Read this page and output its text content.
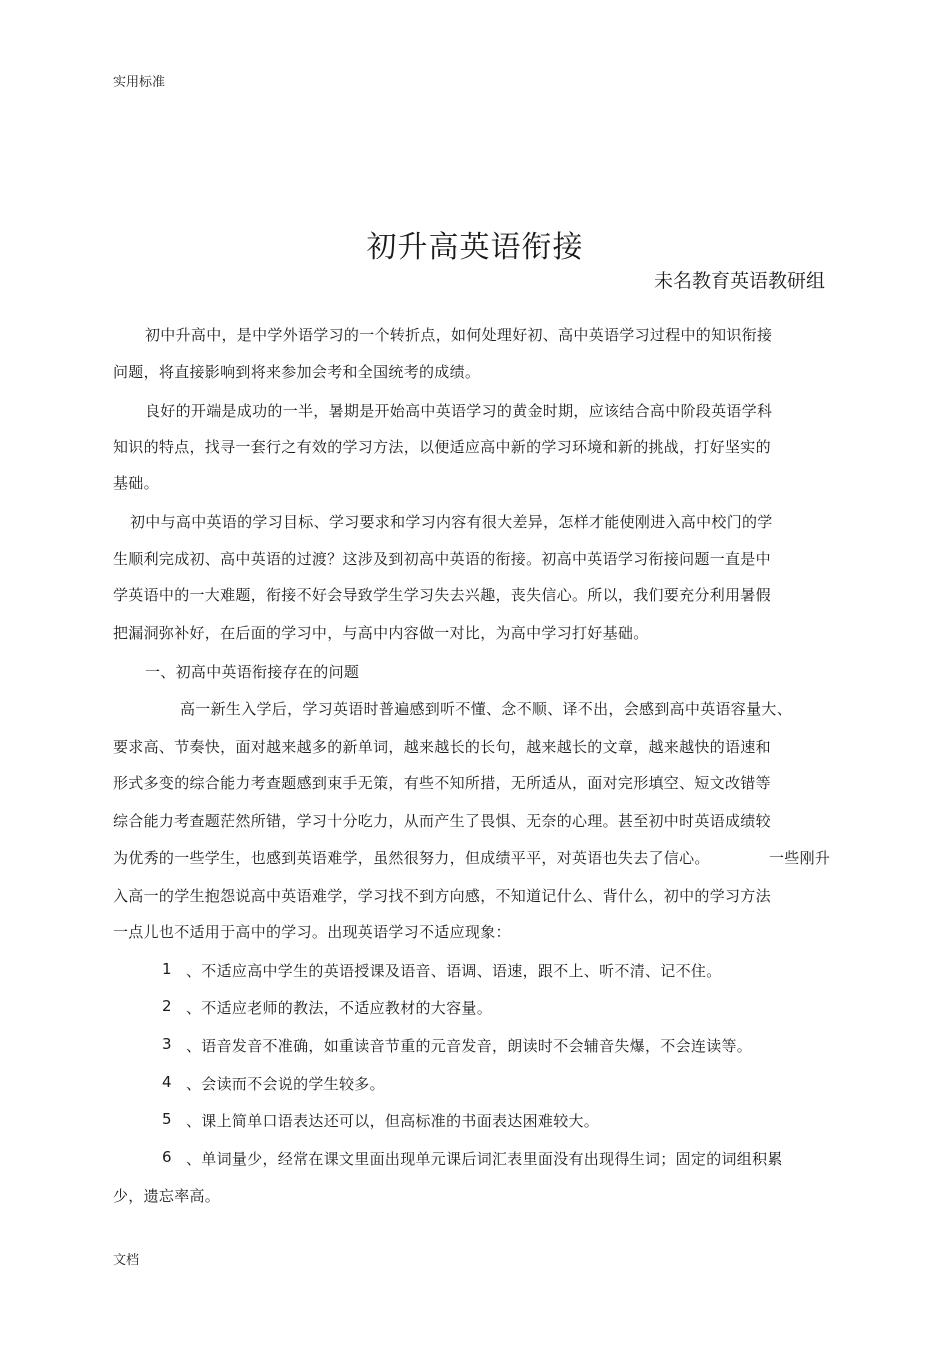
实用标准
文档
初升高英语衔接
未名教育英语教研组
初中升高中，是中学外语学习的一个转折点，如何处理好初、高中英语学习过程中的知识衔接
问题，将直接影响到将来参加会考和全国统考的成绩。
良好的开端是成功的一半，暑期是开始高中英语学习的黄金时期，应该结合高中阶段英语学科
知识的特点，找寻一套行之有效的学习方法，以便适应高中新的学习环境和新的挑战，打好坚实的
基础。
初中与高中英语的学习目标、学习要求和学习内容有很大差异，怎样才能使刚进入高中校门的学
生顺利完成初、高中英语的过渡？这涉及到初高中英语的衔接。初高中英语学习衔接问题一直是中
学英语中的一大难题，衔接不好会导致学生学习失去兴趣，丧失信心。所以，我们要充分利用暑假
把漏洞弥补好，在后面的学习中，与高中内容做一对比，为高中学习打好基础。
一、初高中英语衔接存在的问题
高一新生入学后，学习英语时普遍感到听不懂、念不顺、译不出，会感到高中英语容量大、
要求高、节奏快，面对越来越多的新单词，越来越长的长句，越来越长的文章，越来越快的语速和
形式多变的综合能力考查题感到束手无策，有些不知所措，无所适从，面对完形填空、短文改错等
综合能力考查题茫然所错，学习十分吃力，从而产生了畏惧、无奈的心理。甚至初中时英语成绩较
为优秀的一些学生，也感到英语难学，虽然很努力，但成绩平平，对英语也失去了信心。	一些刚升
入高一的学生抱怨说高中英语难学，学习找不到方向感，不知道记什么、背什么，初中的学习方法
一点儿也不适用于高中的学习。出现英语学习不适应现象：
1 、不适应高中学生的英语授课及语音、语调、语速，跟不上、听不清、记不住。
2 、不适应老师的教法，不适应教材的大容量。
3 、语音发音不准确，如重读音节重的元音发音，朗读时不会辅音失爆，不会连读等。
4 、会读而不会说的学生较多。
5 、课上简单口语表达还可以，但高标准的书面表达困难较大。
6 、单词量少，经常在课文里面出现单元课后词汇表里面没有出现得生词；固定的词组积累
少，遗忘率高。
